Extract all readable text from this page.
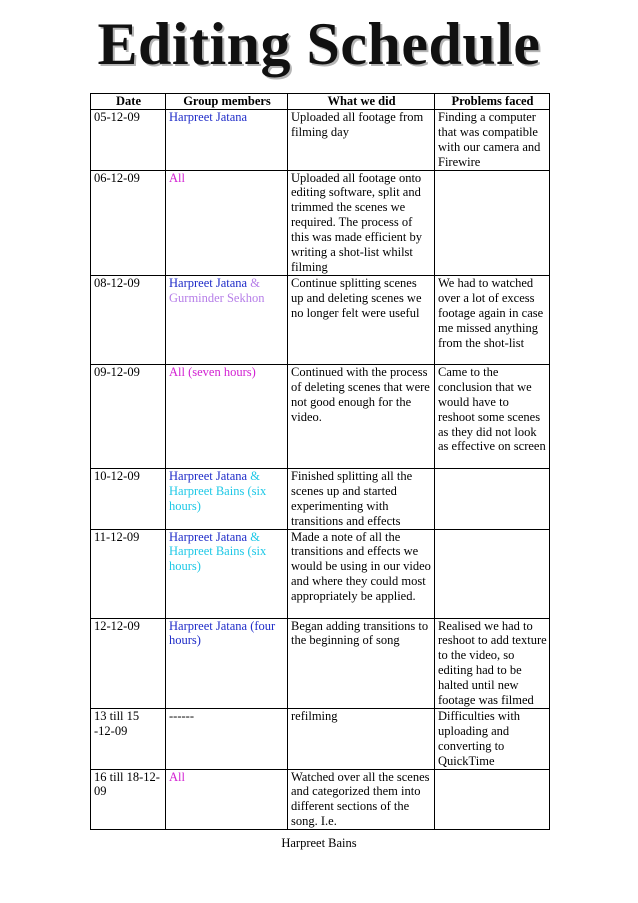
Editing Schedule
Date	Group members	What we did	Problems faced
05-12-09	Harpreet Jatana	Uploaded all footage from filming day	Finding a computer that was compatible with our camera and Firewire
06-12-09	All	Uploaded all footage onto editing software, split and trimmed the scenes we required. The process of this was made efficient by writing a shot-list whilst filming	
08-12-09	Harpreet Jatana & Gurminder Sekhon	Continue splitting scenes up and deleting scenes we no longer felt were useful	We had to watched over a lot of excess footage again in case me missed anything from the shot-list
09-12-09	All (seven hours)	Continued with the process of deleting scenes that were not good enough for the video.	Came to the conclusion that we would have to reshoot some scenes as they did not look as effective on screen
10-12-09	Harpreet Jatana & Harpreet Bains (six hours)	Finished splitting all the scenes up and started experimenting with transitions and effects	
11-12-09	Harpreet Jatana & Harpreet Bains (six hours)	Made a note of all the transitions and effects we would be using in our video and where they could most appropriately be applied.	
12-12-09	Harpreet Jatana (four hours)	Began adding transitions to the beginning of song	Realised we had to reshoot to add texture to the video, so editing had to be halted until new footage was filmed
13 till 15 -12-09	------	refilming	Difficulties with uploading and converting to QuickTime
16 till 18-12-09	All	Watched over all the scenes and categorized them into different sections of the song. I.e.	
Harpreet Bains
